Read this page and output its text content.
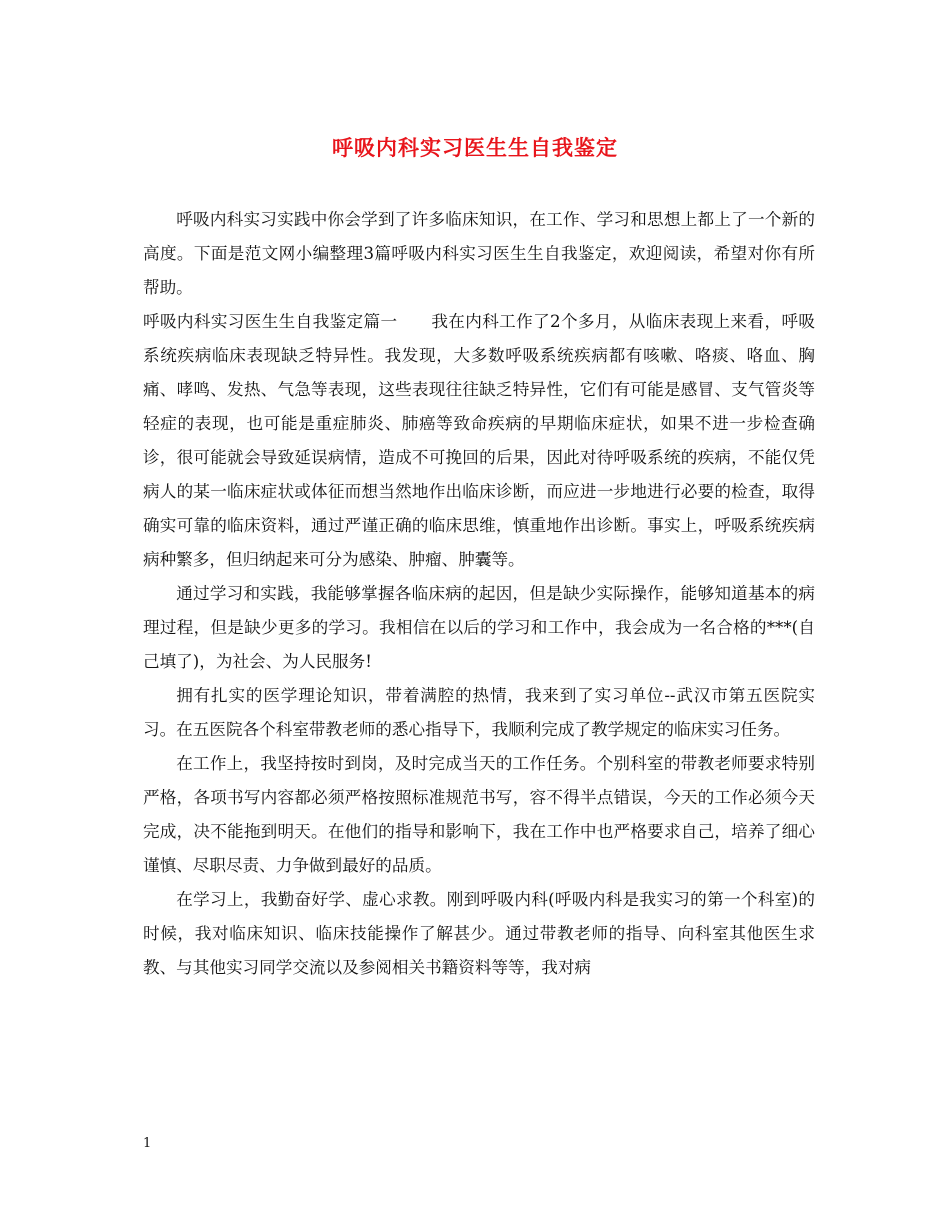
呼吸内科实习医生生自我鉴定

呼吸内科实习实践中你会学到了许多临床知识，在工作、学习和思想上都上了一个新的高度。下面是范文网小编整理3篇呼吸内科实习医生生自我鉴定，欢迎阅读，希望对你有所帮助。

呼吸内科实习医生生自我鉴定篇一　　我在内科工作了2个多月，从临床表现上来看，呼吸系统疾病临床表现缺乏特异性。我发现，大多数呼吸系统疾病都有咳嗽、咯痰、咯血、胸痛、哮鸣、发热、气急等表现，这些表现往往缺乏特异性，它们有可能是感冒、支气管炎等轻症的表现，也可能是重症肺炎、肺癌等致命疾病的早期临床症状，如果不进一步检查确诊，很可能就会导致延误病情，造成不可挽回的后果，因此对待呼吸系统的疾病，不能仅凭病人的某一临床症状或体征而想当然地作出临床诊断，而应进一步地进行必要的检查，取得确实可靠的临床资料，通过严谨正确的临床思维，慎重地作出诊断。事实上，呼吸系统疾病病种繁多，但归纳起来可分为感染、肿瘤、肿囊等。

通过学习和实践，我能够掌握各临床病的起因，但是缺少实际操作，能够知道基本的病理过程，但是缺少更多的学习。我相信在以后的学习和工作中，我会成为一名合格的***(自己填了)，为社会、为人民服务!

拥有扎实的医学理论知识，带着满腔的热情，我来到了实习单位--武汉市第五医院实习。在五医院各个科室带教老师的悉心指导下，我顺利完成了教学规定的临床实习任务。

在工作上，我坚持按时到岗，及时完成当天的工作任务。个别科室的带教老师要求特别严格，各项书写内容都必须严格按照标准规范书写，容不得半点错误，今天的工作必须今天完成，决不能拖到明天。在他们的指导和影响下，我在工作中也严格要求自己，培养了细心谨慎、尽职尽责、力争做到最好的品质。

在学习上，我勤奋好学、虚心求教。刚到呼吸内科(呼吸内科是我实习的第一个科室)的时候，我对临床知识、临床技能操作了解甚少。通过带教老师的指导、向科室其他医生求教、与其他实习同学交流以及参阅相关书籍资料等等，我对病

1
